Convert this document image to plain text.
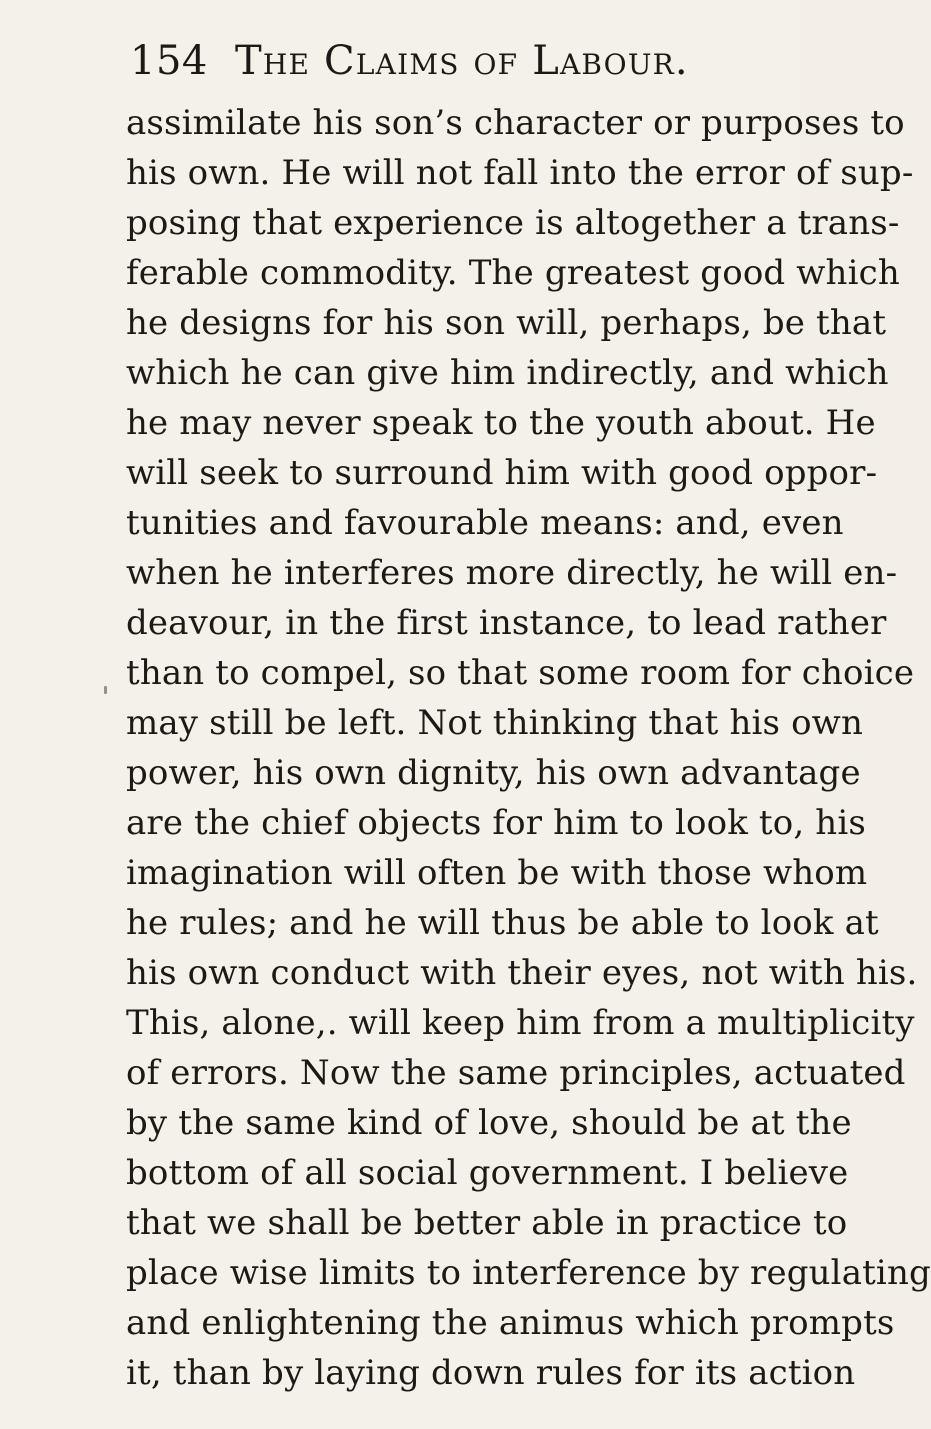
154 The Claims of Labour.
assimilate his son’s character or purposes to
his own. He will not fall into the error of sup-
posing that experience is altogether a trans-
ferable commodity. The greatest good which
he designs for his son will, perhaps, be that
which he can give him indirectly, and which
he may never speak to the youth about. He
will seek to surround him with good oppor-
tunities and favourable means: and, even
when he interferes more directly, he will en-
deavour, in the first instance, to lead rather
than to compel, so that some room for choice
may still be left. Not thinking that his own
power, his own dignity, his own advantage
are the chief objects for him to look to, his
imagination will often be with those whom
he rules; and he will thus be able to look at
his own conduct with their eyes, not with his.
This, alone,. will keep him from a multiplicity
of errors. Now the same principles, actuated
by the same kind of love, should be at the
bottom of all social government. I believe
that we shall be better able in practice to
place wise limits to interference by regulating
and enlightening the animus which prompts
it, than by laying down rules for its action
